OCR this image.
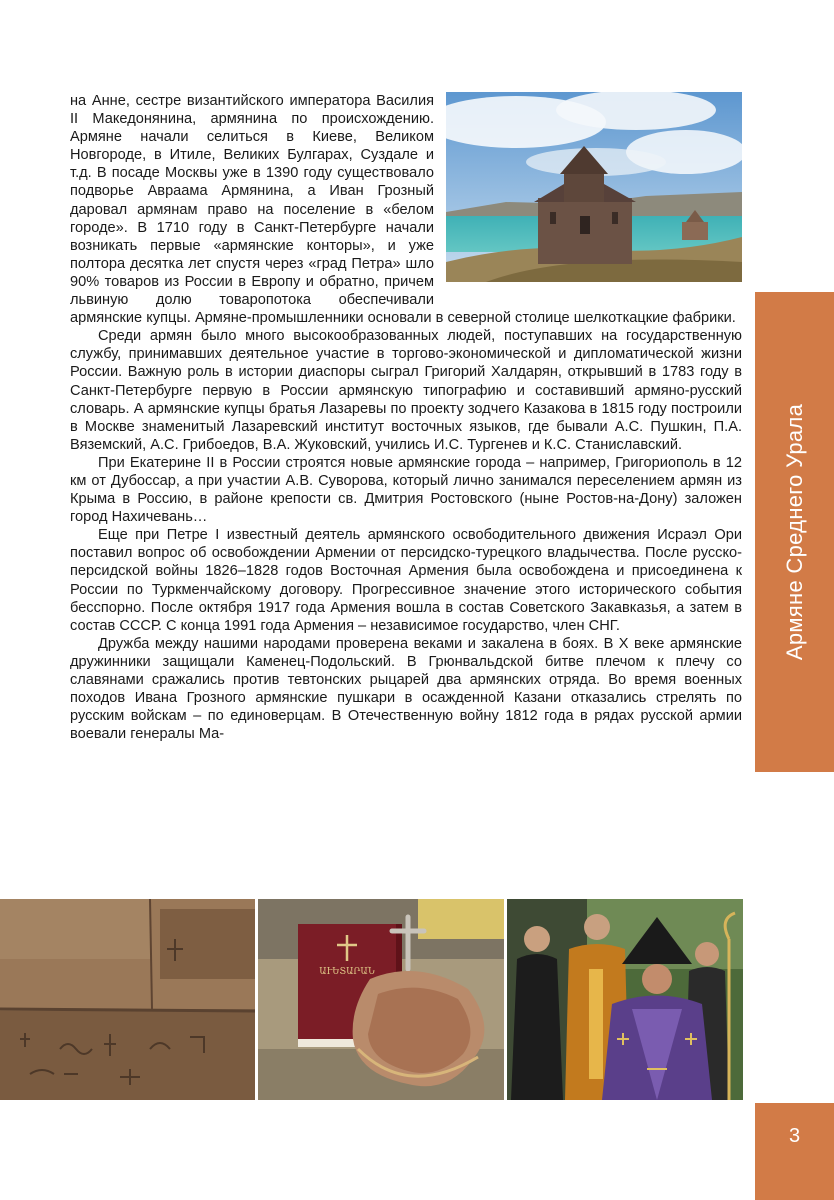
Армяне Среднего Урала

на Анне, сестре византийского императора Василия II Македонянина, армянина по происхождению. Армяне начали селиться в Киеве, Великом Новгороде, в Итиле, Великих Булгарах, Суздале и т.д. В посаде Москвы уже в 1390 году существовало подворье Авраама Армянина, а Иван Грозный даровал армянам право на поселение в «белом городе». В 1710 году в Санкт-Петербурге начали возникать первые «армянские конторы», и уже полтора десятка лет спустя через «град Петра» шло 90% товаров из России в Европу и обратно, причем львиную долю товаропотока обеспечивали армянские купцы. Армяне-промышленники основали в северной столице шелкоткацкие фабрики.

Среди армян было много высокообразованных людей, поступавших на государственную службу, принимавших деятельное участие в торгово-экономической и дипломатической жизни России. Важную роль в истории диаспоры сыграл Григорий Халдарян, открывший в 1783 году в Санкт-Петербурге первую в России армянскую типографию и составивший армяно-русский словарь. А армянские купцы братья Лазаревы по проекту зодчего Казакова в 1815 году построили в Москве знаменитый Лазаревский институт восточных языков, где бывали А.С. Пушкин, П.А. Вяземский, А.С. Грибоедов, В.А. Жуковский, учились И.С. Тургенев и К.С. Станиславский.

При Екатерине II в России строятся новые армянские города – например, Григориополь в 12 км от Дубоссар, а при участии А.В. Суворова, который лично занимался переселением армян из Крыма в Россию, в районе крепости св. Дмитрия Ростовского (ныне Ростов-на-Дону) заложен город Нахичевань…

Еще при Петре I известный деятель армянского освободительного движения Исраэл Ори поставил вопрос об освобождении Армении от персидско-турецкого владычества. После русско-персидской войны 1826–1828 годов Восточная Армения была освобождена и присоединена к России по Туркменчайскому договору. Прогрессивное значение этого исторического события бесспорно. После октября 1917 года Армения вошла в состав Советского Закавказья, а затем в состав СССР. С конца 1991 года Армения – независимое государство, член СНГ.

Дружба между нашими народами проверена веками и закалена в боях. В X веке армянские дружинники защищали Каменец-Подольский. В Грюнвальдской битве плечом к плечу со славянами сражались против тевтонских рыцарей два армянских отряда. Во время военных походов Ивана Грозного армянские пушкари в осажденной Казани отказались стрелять по русским войскам – по единоверцам. В Отечественную войну 1812 года в рядах русской армии воевали генералы Ма-

ԱՒԵՏԱՐԱՆ
3
